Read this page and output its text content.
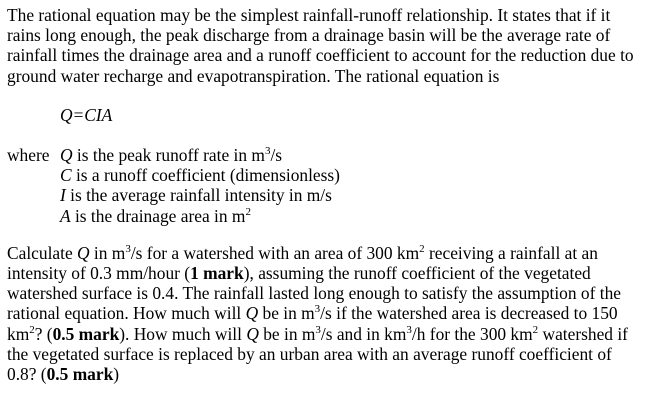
The rational equation may be the simplest rainfall-runoff relationship. It states that if it rains long enough, the peak discharge from a drainage basin will be the average rate of rainfall times the drainage area and a runoff coefficient to account for the reduction due to ground water recharge and evapotranspiration. The rational equation is

Q=CIA

where Q is the peak runoff rate in $m^3/s$
C is a runoff coefficient (dimensionless)
I is the average rainfall intensity in m/s
A is the drainage area in $m^2$

Calculate Q in $m^3/s$ for a watershed with an area of 300 $km^2$ receiving a rainfall at an intensity of 0.3 mm/hour (1 mark), assuming the runoff coefficient of the vegetated watershed surface is 0.4. The rainfall lasted long enough to satisfy the assumption of the rational equation. How much will Q be in $m^3/s$ if the watershed area is decreased to 150 $km^2$? (0.5 mark). How much will Q be in $m^3/s$ and in $km^3/h$ for the 300 $km^2$ watershed if the vegetated surface is replaced by an urban area with an average runoff coefficient of 0.8? (0.5 mark)
